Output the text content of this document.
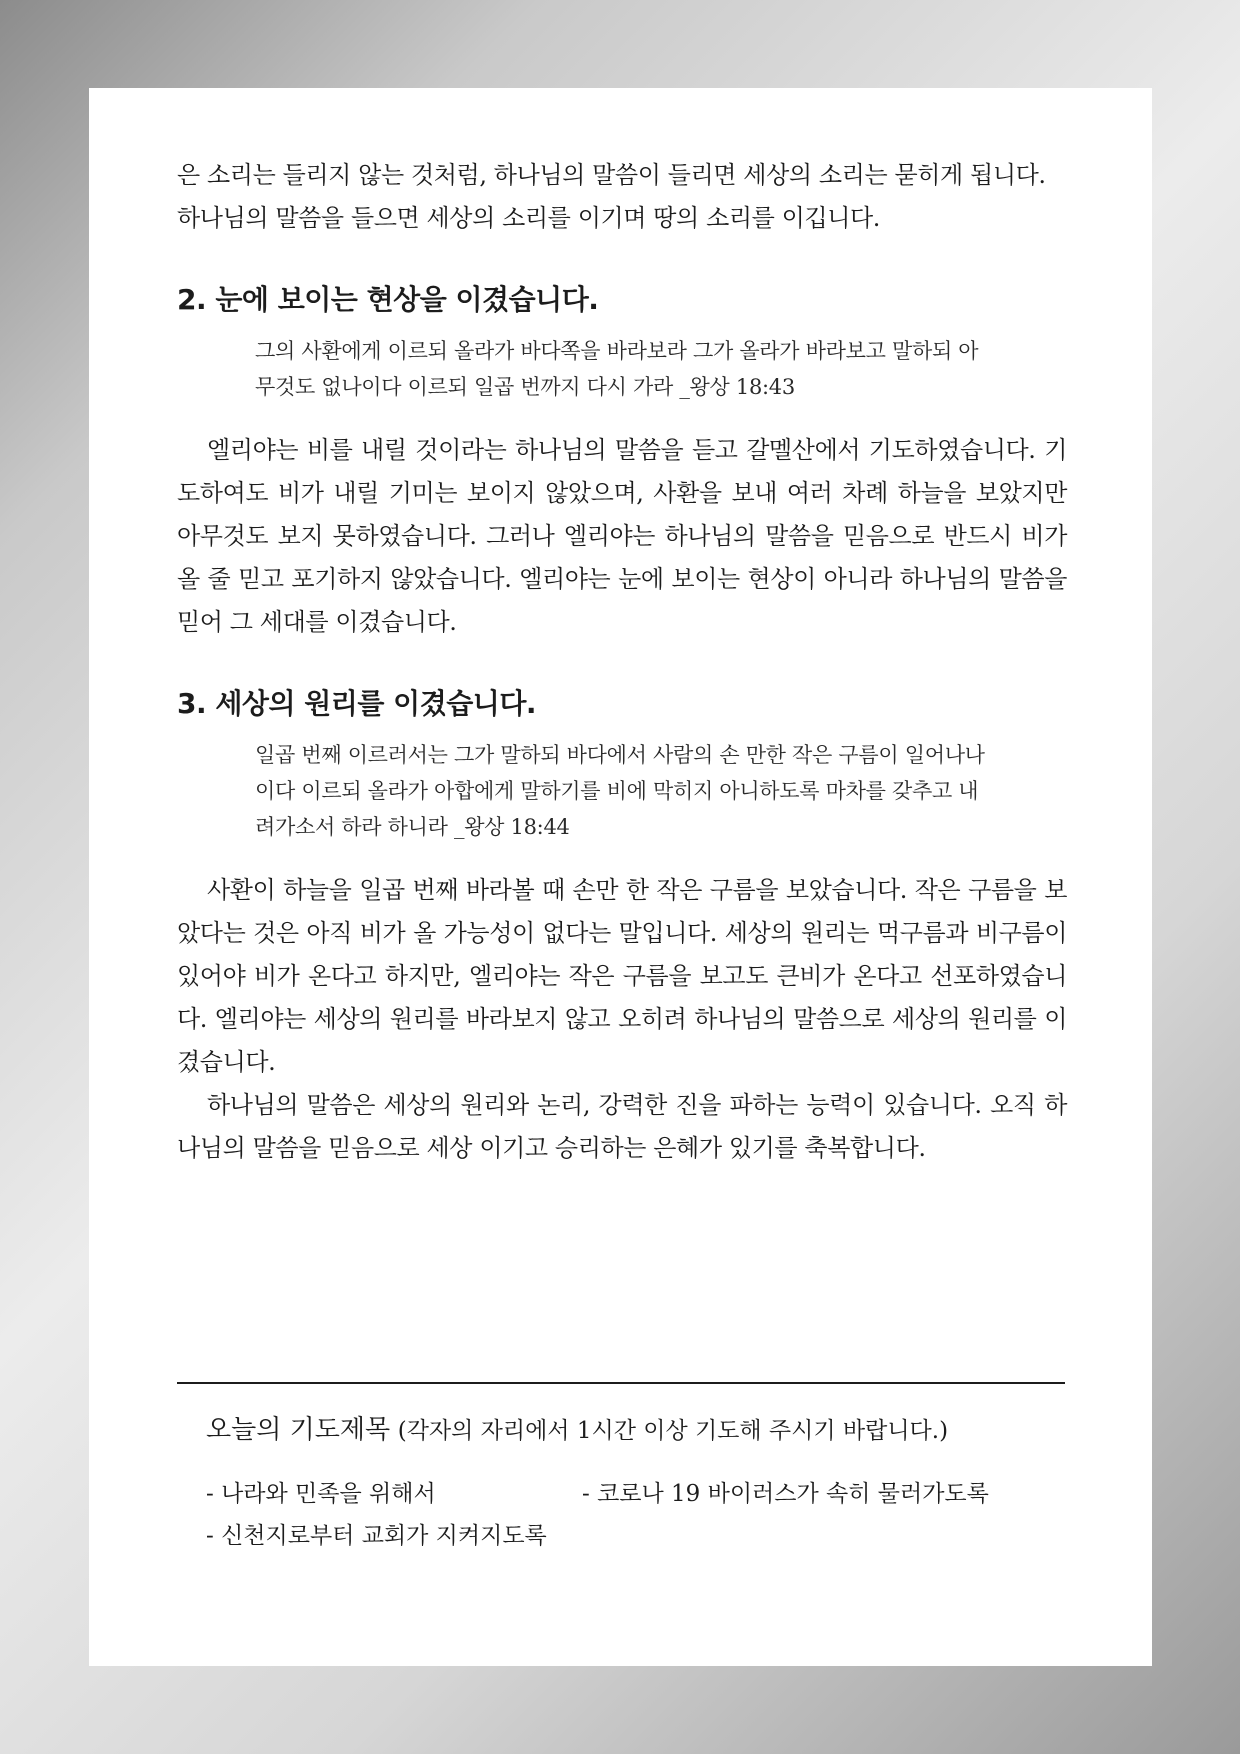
은 소리는 들리지 않는 것처럼, 하나님의 말씀이 들리면 세상의 소리는 묻히게 됩니다.

하나님의 말씀을 들으면 세상의 소리를 이기며 땅의 소리를 이깁니다.

2. 눈에 보이는 현상을 이겼습니다.

그의 사환에게 이르되 올라가 바다쪽을 바라보라 그가 올라가 바라보고 말하되 아무것도 없나이다 이르되 일곱 번까지 다시 가라 _왕상 18:43

엘리야는 비를 내릴 것이라는 하나님의 말씀을 듣고 갈멜산에서 기도하였습니다. 기도하여도 비가 내릴 기미는 보이지 않았으며, 사환을 보내 여러 차례 하늘을 보았지만 아무것도 보지 못하였습니다. 그러나 엘리야는 하나님의 말씀을 믿음으로 반드시 비가 올 줄 믿고 포기하지 않았습니다. 엘리야는 눈에 보이는 현상이 아니라 하나님의 말씀을 믿어 그 세대를 이겼습니다.

3. 세상의 원리를 이겼습니다.

일곱 번째 이르러서는 그가 말하되 바다에서 사람의 손 만한 작은 구름이 일어나나이다 이르되 올라가 아합에게 말하기를 비에 막히지 아니하도록 마차를 갖추고 내려가소서 하라 하니라 _왕상 18:44

사환이 하늘을 일곱 번째 바라볼 때 손만 한 작은 구름을 보았습니다. 작은 구름을 보았다는 것은 아직 비가 올 가능성이 없다는 말입니다. 세상의 원리는 먹구름과 비구름이 있어야 비가 온다고 하지만, 엘리야는 작은 구름을 보고도 큰비가 온다고 선포하였습니다. 엘리야는 세상의 원리를 바라보지 않고 오히려 하나님의 말씀으로 세상의 원리를 이겼습니다.

하나님의 말씀은 세상의 원리와 논리, 강력한 진을 파하는 능력이 있습니다. 오직 하나님의 말씀을 믿음으로 세상 이기고 승리하는 은혜가 있기를 축복합니다.

오늘의 기도제목 (각자의 자리에서 1시간 이상 기도해 주시기 바랍니다.)
- 나라와 민족을 위해서	- 코로나 19 바이러스가 속히 물러가도록
- 신천지로부터 교회가 지켜지도록
